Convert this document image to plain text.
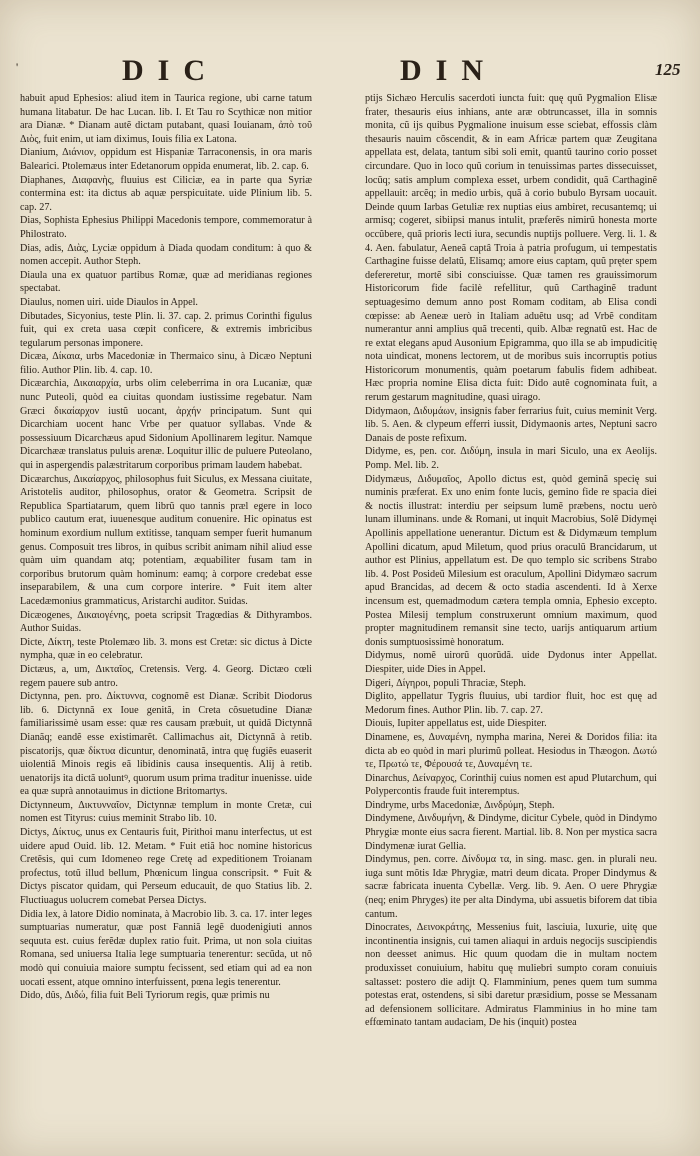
'	DIC	DIN	125

habuit apud Ephesios: aliud item in Taurica regione, ubi carne tatum humana litabatur. De hac Lucan. lib. I. Et Tau ro Scythicæ non mitior ara Dianæ. * Dianam autẽ dictam putabant, quasi Iouianam, ἀπὸ τοῦ Διὸς, fuit enim, ut iam diximus, Iouis filia ex Latona.

Dianium, Διάνιον, oppidum est Hispaniæ Tarraconensis, in ora maris Balearici. Ptolemæus inter Edetanorum oppida enumerat, lib. 2. cap. 6.

Diaphanes, Διαφανὴς, fluuius est Ciliciæ, ea in parte qua Syriæ contermina est: ita dictus ab aquæ perspicuitate. uide Plinium lib. 5. cap. 27.

Dias, Sophista Ephesius Philippi Macedonis tempore, commemoratur à Philostrato.

Dias, adis, Διὰς, Lyciæ oppidum à Diada quodam conditum: à quo & nomen accepit. Author Steph.

Diaula una ex quatuor partibus Romæ, quæ ad meridianas regiones spectabat.

Diaulus, nomen uiri. uide Diaulos in Appel.

Dibutades, Sicyonius, teste Plin. li. 37. cap. 2. primus Corinthi figulus fuit, qui ex creta uasa cœpit conficere, & extremis imbricibus tegularum personas imponere.

Dicæa, Δίκαια, urbs Macedoniæ in Thermaico sinu, à Dicæo Neptuni filio. Author Plin. lib. 4. cap. 10.

Dicæarchia, Δικαιαρχία, urbs olim celeberrima in ora Lucaniæ, quæ nunc Puteoli, quòd ea ciuitas quondam iustissime regebatur. Nam Græci δικαίαρχον iustũ uocant, ἀρχήν principatum. Sunt qui Dicarchiam uocent hanc Vrbe per quatuor syllabas. Vnde & possessiuum Dicarchæus apud Sidonium Apollinarem legitur. Namque Dicarchææ translatus puluis arenæ. Loquitur illic de puluere Puteolano, qui in aspergendis palæstritarum corporibus primam laudem habebat.

Dicæarchus, Δικαίαρχος, philosophus fuit Siculus, ex Messana ciuitate, Aristotelis auditor, philosophus, orator & Geometra. Scripsit de Republica Spartiatarum, quem librũ quo tannis præl egere in loco publico cautum erat, iuuenesque auditum conuenire. Hic opinatus est hominum exordium nullum extitisse, tanquam semper fuerit humanum genus. Composuit tres libros, in quibus scribit animam nihil aliud esse quàm uim quandam atq; potentiam, æquabiliter fusam tam in corporibus brutorum quàm hominum: eamq; à corpore credebat esse inseparabilem, & una cum corpore interire. * Fuit item alter Lacedæmonius grammaticus, Aristarchi auditor. Suidas.

Dicæogenes, Δικαιογένης, poeta scripsit Tragœdias & Dithyrambos. Author Suidas.

Dicte, Δίκτη, teste Ptolemæo lib. 3. mons est Cretæ: sic dictus à Dicte nympha, quæ in eo celebratur.

Dictæus, a, um, Δικταῖος, Cretensis. Verg. 4. Georg. Dictæo cœli regem pauere sub antro.

Dictynna, pen. pro. Δίκτυννα, cognomẽ est Dianæ. Scribit Diodorus lib. 6. Dictynnã ex Ioue genitã, in Creta cõsuetudine Dianæ familiarissimè usam esse: quæ res causam præbuit, ut quidã Dictynnã Dianãq; eandẽ esse existimarẽt. Callimachus ait, Dictynnã à retib. piscatorijs, quæ δίκτυα dicuntur, denominatã, intra quę fugiẽs euaserit uiolentiã Minois regis eã libidinis causa insequentis. Alij à retib. uenatorijs ita dictã uoluntꝰ, quorum usum prima traditur inuenisse. uide ea quæ suprà annotauimus in dictione Britomartys.

Dictynneum, Δικτυνναῖον, Dictynnæ templum in monte Cretæ, cui nomen est Tityrus: cuius meminit Strabo lib. 10.

Dictys, Δίκτυς, unus ex Centauris fuit, Pirithoi manu interfectus, ut est uidere apud Ouid. lib. 12. Metam. * Fuit etiã hoc nomine historicus Cretẽsis, qui cum Idomeneo rege Cretę ad expeditionem Troianam profectus, totũ illud bellum, Phœnicum lingua conscripsit. * Fuit & Dictys piscator quidam, qui Perseum educauit, de quo Statius lib. 2. Fluctiuagus uolucrem comebat Persea Dictys.

Didia lex, à latore Didio nominata, à Macrobio lib. 3. ca. 17. inter leges sumptuarias numeratur, quæ post Fanniã legẽ duodenigiuti annos sequuta est. cuius ferẽdæ duplex ratio fuit. Prima, ut non sola ciuitas Romana, sed uniuersa Italia lege sumptuaria tenerentur: secũda, ut nõ modò qui conuiuia maiore sumptu fecissent, sed etiam qui ad ea non uocati essent, atque omnino interfuissent, pœna legis tenerentur.

Dido, dûs, Διδώ, filia fuit Beli Tyriorum regis, quæ primis nu

ptijs Sichæo Herculis sacerdoti iuncta fuit: quę quũ Pygmalion Elisæ frater, thesauris eius inhians, ante aræ obtruncasset, illa in somnis monita, cũ ijs quibus Pygmalione inuisum esse sciebat, effossis clàm thesauris nauim cõscendit, & in eam Africæ partem quæ Zeugitana appellata est, delata, tantum sibi soli emit, quantũ taurino corio posset circundare. Quo in loco quũ corium in tenuissimas partes dissecuisset, locũq; satis amplum complexa esset, urbem condidit, quã Carthaginẽ appellauit: arcẽq; in medio urbis, quã à corio bubulo Byrsam uocauit. Deinde quum Iarbas Getuliæ rex nuptias eius ambiret, recusantemq; ui armisq; cogeret, sibiipsi manus intulit, præferẽs nimirũ honesta morte occũbere, quã prioris lecti iura, secundis nuptijs polluere. Verg. li. 1. & 4. Aen. fabulatur, Aeneã captâ Troia à patria profugum, ui tempestatis Carthagine fuisse delatũ, Elisamq; amore eius captam, quũ pręter spem defereretur, mortẽ sibi consciuisse. Quæ tamen res grauissimorum Historicorum fide facilè refellitur, quũ Carthaginẽ tradunt septuagesimo demum anno post Romam coditam, ab Elisa condi cœpisse: ab Aeneæ uerò in Italiam aduẽtu usq; ad Vrbẽ conditam numerantur anni amplius quã trecenti, quib. Albæ regnatũ est. Hac de re extat elegans apud Ausonium Epigramma, quo illa se ab impudicitię nota uindicat, monens lectorem, ut de moribus suis incorruptis potius Historicorum monumentis, quàm poetarum fabulis fidem adhibeat. Hæc propria nomine Elisa dicta fuit: Dido autẽ cognominata fuit, a rerum gestarum magnitudine, quasi uirago.

Didymaon, Διδυμάων, insignis faber ferrarius fuit, cuius meminit Verg. lib. 5. Aen. & clypeum efferri iussit, Didymaonis artes, Neptuni sacro Danais de poste refixum.

Didyme, es, pen. cor. Διδύμη, insula in mari Siculo, una ex Aeolijs. Pomp. Mel. lib. 2.

Didymæus, Διδυμαῖος, Apollo dictus est, quòd geminã specię sui numinis præferat. Ex uno enim fonte lucis, gemino fide re spacia diei & noctis illustrat: interdiu per seipsum lumẽ præbens, noctu uerò lunam illuminans. unde & Romani, ut inquit Macrobius, Solẽ Didymęi Apollinis appellatione uenerantur. Dictum est & Didymæum templum Apollini dicatum, apud Miletum, quod prius oraculũ Brancidarum, ut author est Plinius, appellatum est. De quo templo sic scribens Strabo lib. 4. Post Posideũ Milesium est oraculum, Apollini Didymæo sacrum apud Brancidas, ad decem & octo stadia ascendenti. Id à Xerxe incensum est, quemadmodum cætera templa omnia, Ephesio excepto. Postea Milesij templum construxerunt omnium maximum, quod propter magnitudinem remansit sine tecto, uarijs antiquarum artium donis sumptuosissimè honoratum.

Didymus, nomẽ uirorũ quorũdã. uide Dydonus inter Appellat. Diespiter, uide Dies in Appel.

Digeri, Δίγηροι, populi Thraciæ, Steph.

Diglito, appellatur Tygris fluuius, ubi tardior fluit, hoc est quę ad Medorum fines. Author Plin. lib. 7. cap. 27.

Diouis, Iupiter appellatus est, uide Diespiter.

Dinamene, es, Δυναμένη, nympha marina, Nerei & Doridos filia: ita dicta ab eo quòd in mari plurimũ polleat. Hesiodus in Thæogon. Δωτώ τε, Πρωτώ τε, Φέρουσά τε, Δυναμένη τε.

Dinarchus, Δείναρχος, Corinthij cuius nomen est apud Plutarchum, qui Polypercontis fraude fuit interemptus.

Dindryme, urbs Macedoniæ, Δινδρύμη, Steph.

Dindymene, Δινδυμήνη, & Dindyme, dicitur Cybele, quòd in Dindymo Phrygiæ monte eius sacra fierent. Martial. lib. 8. Non per mystica sacra Dindymenæ iurat Gellia.

Dindymus, pen. corre. Δίνδυμα τα, in sing. masc. gen. in plurali neu. iuga sunt mõtis Idæ Phrygiæ, matri deum dicata. Proper Dindymus & sacræ fabricata inuenta Cybellæ. Verg. lib. 9. Aen. O uere Phrygiæ (neq; enim Phryges) ite per alta Dindyma, ubi assuetis biforem dat tibia cantum.

Dinocrates, Δεινοκράτης, Messenius fuit, lasciuia, luxurie, uitę que incontinentia insignis, cui tamen aliaqui in arduis negocijs suscipiendis non deesset animus. Hic quum quodam die in multam noctem produxisset conuiuium, habitu quę muliebri sumpto coram conuiuis saltasset: postero die adijt Q. Flamminium, penes quem tum summa potestas erat, ostendens, si sibi daretur præsidium, posse se Messanam ad defensionem sollicitare. Admiratus Flamminius in ho mine tam effœminato tantam audaciam, De his (inquit) postea
